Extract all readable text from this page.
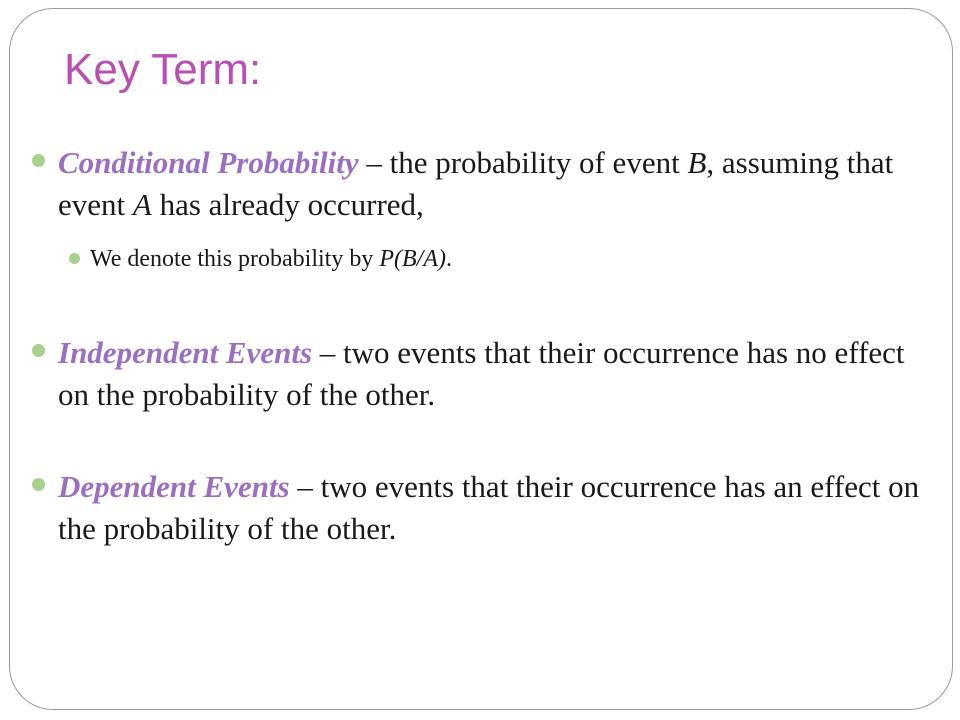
Key Term:
Conditional Probability – the probability of event B, assuming that event A has already occurred,
We denote this probability by P(B/A).
Independent Events – two events that their occurrence has no effect on the probability of the other.
Dependent Events – two events that their occurrence has an effect on the probability of the other.
